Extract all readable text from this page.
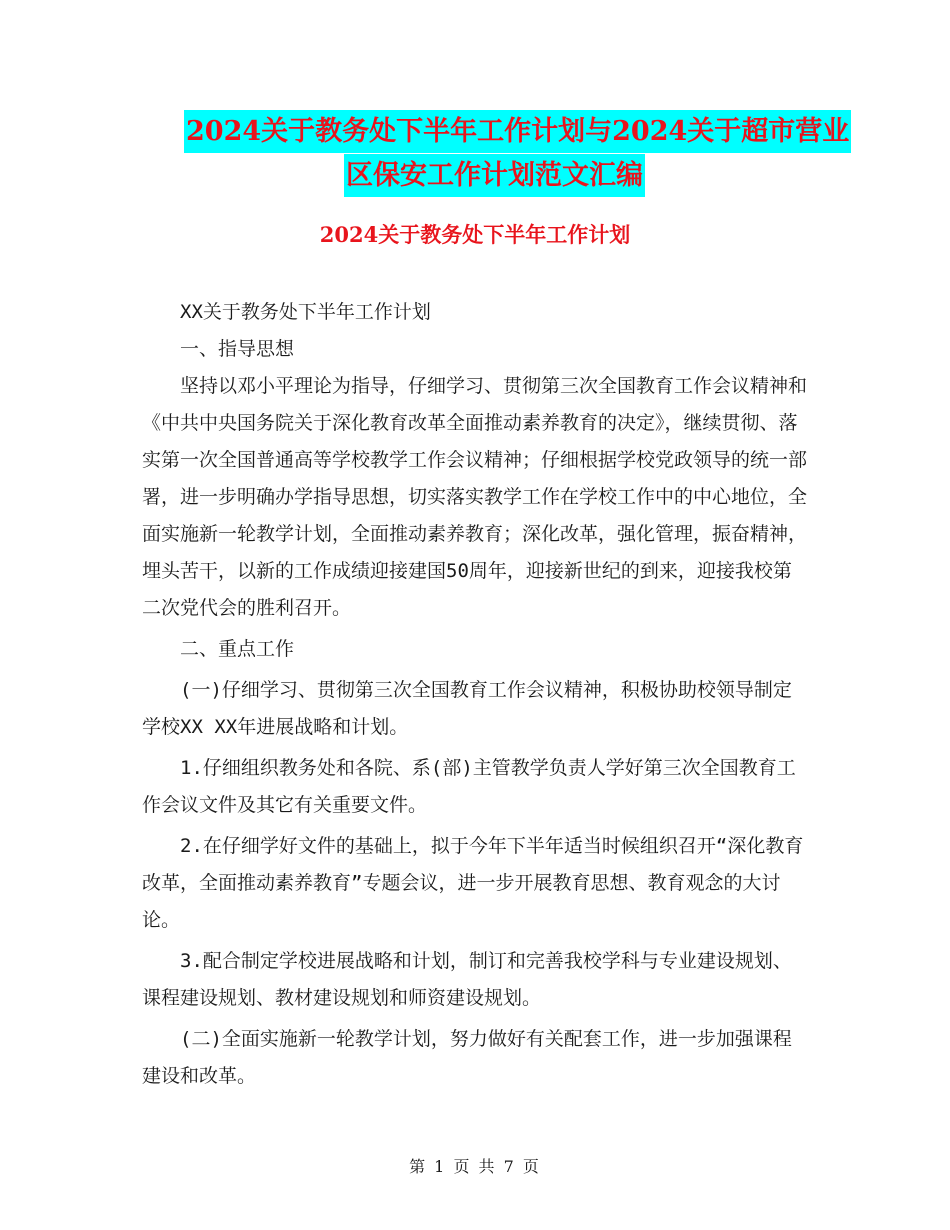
2024关于教务处下半年工作计划与2024关于超市营业
区保安工作计划范文汇编
2024关于教务处下半年工作计划

XX关于教务处下半年工作计划

一、指导思想

坚持以邓小平理论为指导，仔细学习、贯彻第三次全国教育工作会议精神和《中共中央国务院关于深化教育改革全面推动素养教育的决定》，继续贯彻、落实第一次全国普通高等学校教学工作会议精神；仔细根据学校党政领导的统一部署，进一步明确办学指导思想，切实落实教学工作在学校工作中的中心地位，全面实施新一轮教学计划，全面推动素养教育；深化改革，强化管理，振奋精神，埋头苦干，以新的工作成绩迎接建国50周年，迎接新世纪的到来，迎接我校第二次党代会的胜利召开。

二、重点工作

(一)仔细学习、贯彻第三次全国教育工作会议精神，积极协助校领导制定学校XX XX年进展战略和计划。

1.仔细组织教务处和各院、系(部)主管教学负责人学好第三次全国教育工作会议文件及其它有关重要文件。

2.在仔细学好文件的基础上，拟于今年下半年适当时候组织召开“深化教育改革，全面推动素养教育”专题会议，进一步开展教育思想、教育观念的大讨论。

3.配合制定学校进展战略和计划，制订和完善我校学科与专业建设规划、课程建设规划、教材建设规划和师资建设规划。

(二)全面实施新一轮教学计划，努力做好有关配套工作，进一步加强课程建设和改革。

第 1 页 共 7 页
